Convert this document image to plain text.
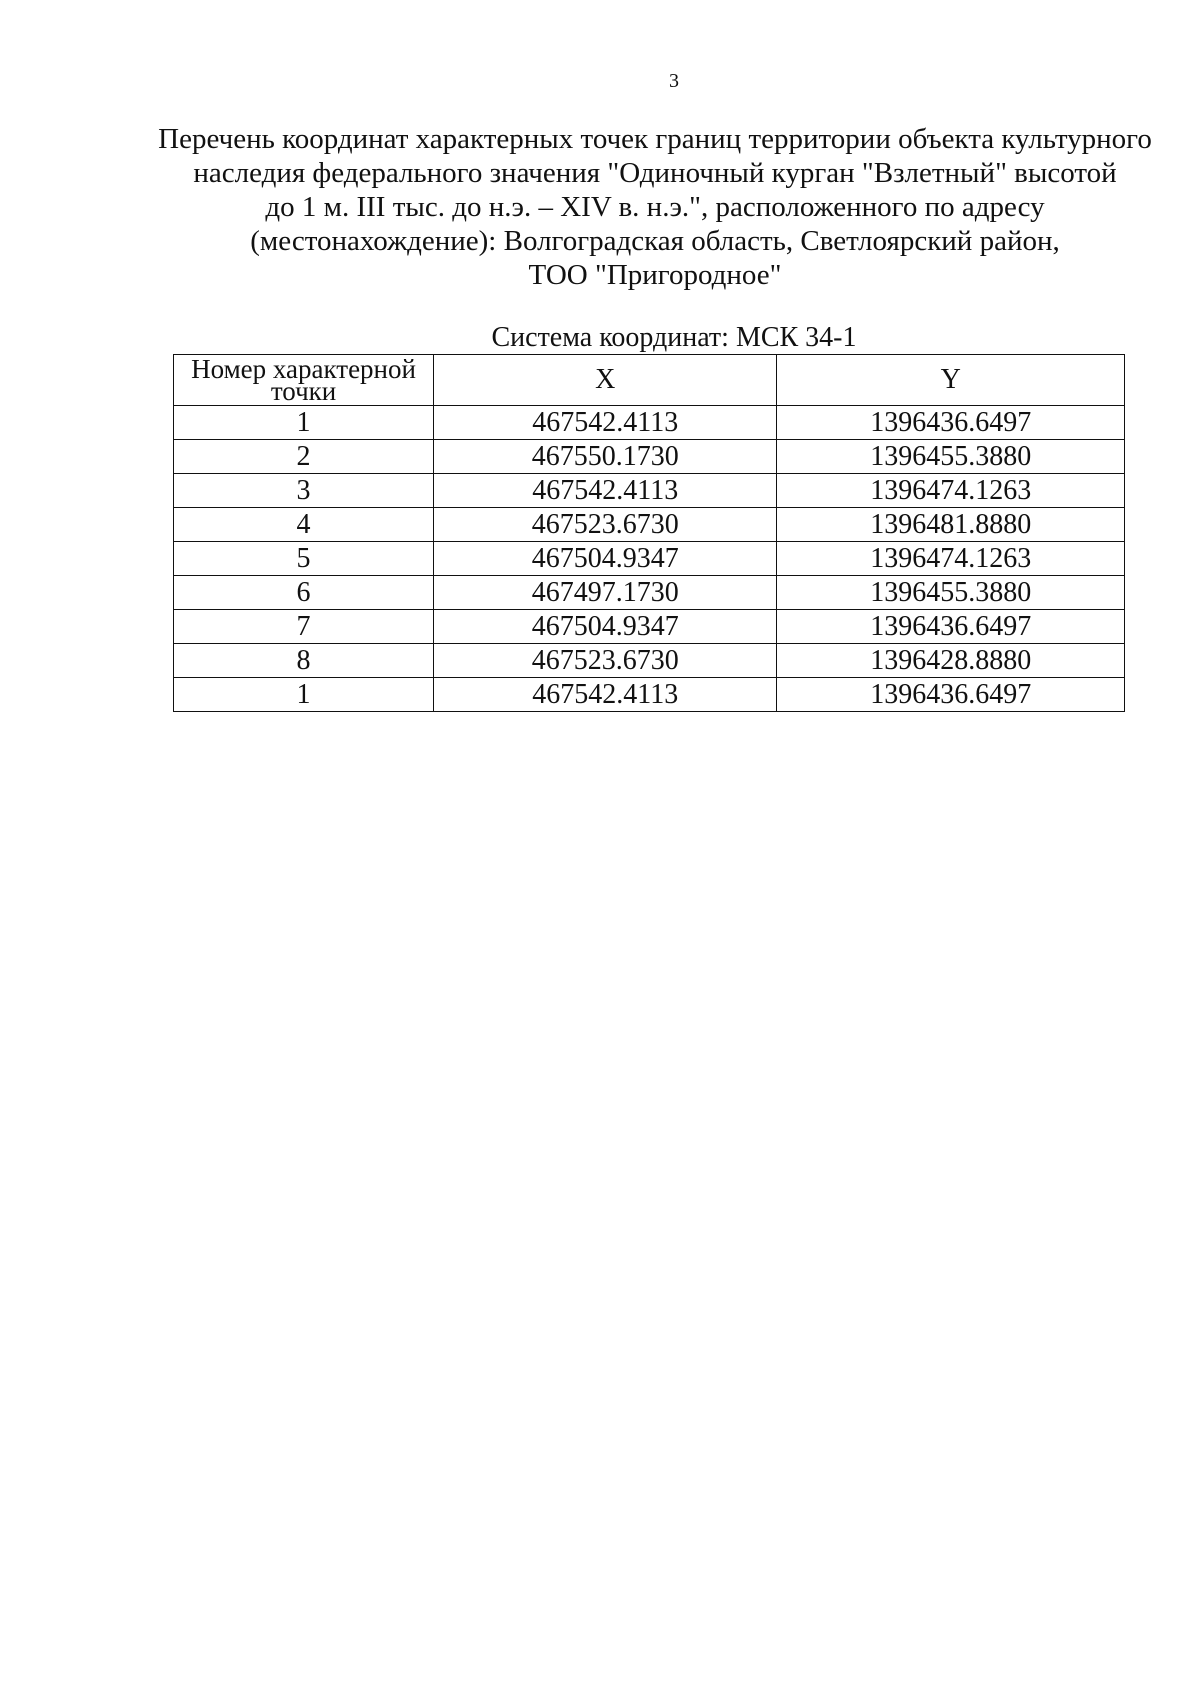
3
Перечень координат характерных точек границ территории объекта культурного
наследия федерального значения "Одиночный курган "Взлетный" высотой
до 1 м. III тыс. до н.э. – XIV в. н.э.", расположенного по адресу
(местонахождение): Волгоградская область, Светлоярский район,
ТОО "Пригородное"
Система координат: МСК 34-1
Номер характерной
точки	X	Y
1	467542.4113	1396436.6497
2	467550.1730	1396455.3880
3	467542.4113	1396474.1263
4	467523.6730	1396481.8880
5	467504.9347	1396474.1263
6	467497.1730	1396455.3880
7	467504.9347	1396436.6497
8	467523.6730	1396428.8880
1	467542.4113	1396436.6497
